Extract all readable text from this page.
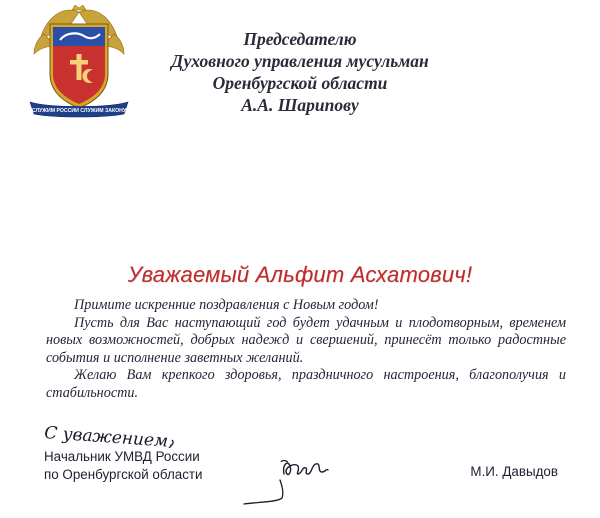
СЛУЖИМ РОССИИ СЛУЖИМ ЗАКОНУ
Председателю
Духовного управления мусульман
Оренбургской области
А.А. Шарипову
Уважаемый Альфит Асхатович!
Примите искренние поздравления с Новым годом!
Пусть для Вас наступающий год будет удачным и плодотворным, временем новых возможностей, добрых надежд и свершений, принесёт только радостные события и исполнение заветных желаний.
Желаю Вам крепкого здоровья, праздничного настроения, благополучия и стабильности.
С уважением,
Начальник УМВД России
по Оренбургской области	М.И. Давыдов
